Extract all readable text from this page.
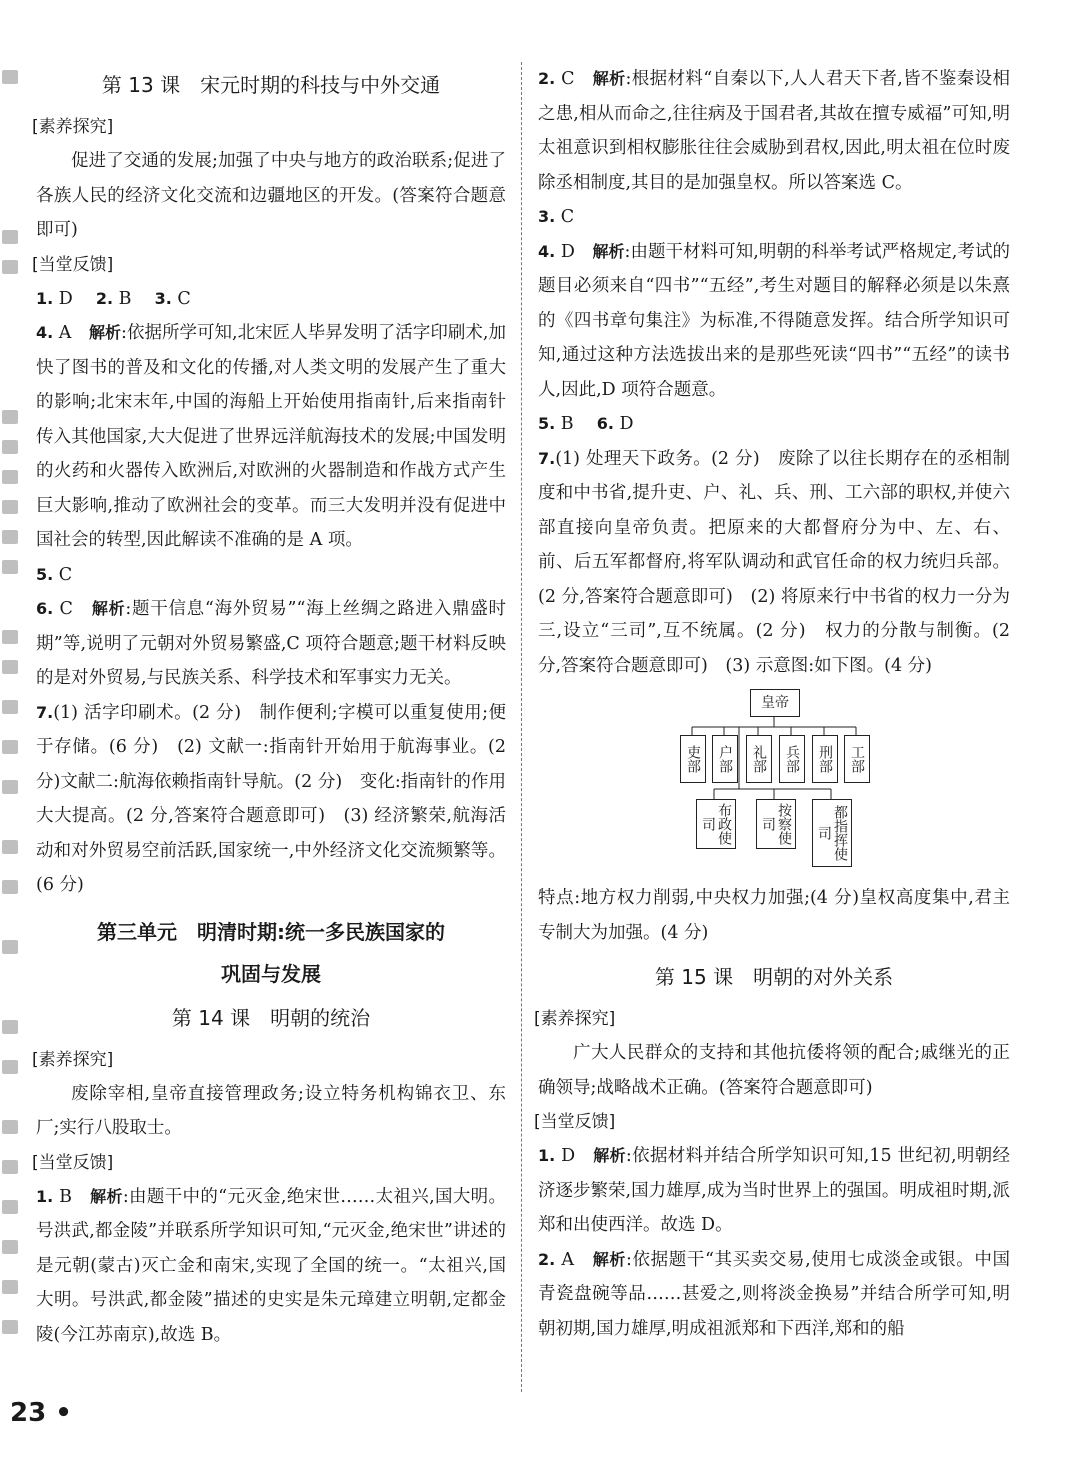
第 13 课　宋元时期的科技与中外交通
[素养探究]

促进了交通的发展;加强了中央与地方的政治联系;促进了各族人民的经济文化交流和边疆地区的开发。(答案符合题意即可)

[当堂反馈]

1. D　 2. B　 3. C

4. A　解析:依据所学可知,北宋匠人毕昇发明了活字印刷术,加快了图书的普及和文化的传播,对人类文明的发展产生了重大的影响;北宋末年,中国的海船上开始使用指南针,后来指南针传入其他国家,大大促进了世界远洋航海技术的发展;中国发明的火药和火器传入欧洲后,对欧洲的火器制造和作战方式产生巨大影响,推动了欧洲社会的变革。而三大发明并没有促进中国社会的转型,因此解读不准确的是 A 项。

5. C

6. C　解析:题干信息“海外贸易”“海上丝绸之路进入鼎盛时期”等,说明了元朝对外贸易繁盛,C 项符合题意;题干材料反映的是对外贸易,与民族关系、科学技术和军事实力无关。

7.(1) 活字印刷术。(2 分)　制作便利;字模可以重复使用;便于存储。(6 分)　(2) 文献一:指南针开始用于航海事业。(2 分)文献二:航海依赖指南针导航。(2 分)　变化:指南针的作用大大提高。(2 分,答案符合题意即可)　(3) 经济繁荣,航海活动和对外贸易空前活跃,国家统一,中外经济文化交流频繁等。(6 分)

第三单元　明清时期:统一多民族国家的
巩固与发展
第 14 课　明朝的统治
[素养探究]

废除宰相,皇帝直接管理政务;设立特务机构锦衣卫、东厂;实行八股取士。

[当堂反馈]

1. B　解析:由题干中的“元灭金,绝宋世……太祖兴,国大明。号洪武,都金陵”并联系所学知识可知,“元灭金,绝宋世”讲述的是元朝(蒙古)灭亡金和南宋,实现了全国的统一。“太祖兴,国大明。号洪武,都金陵”描述的史实是朱元璋建立明朝,定都金陵(今江苏南京),故选 B。

2. C　解析:根据材料“自秦以下,人人君天下者,皆不鉴秦设相之患,相从而命之,往往病及于国君者,其故在擅专威福”可知,明太祖意识到相权膨胀往往会威胁到君权,因此,明太祖在位时废除丞相制度,其目的是加强皇权。所以答案选 C。

3. C

4. D　解析:由题干材料可知,明朝的科举考试严格规定,考试的题目必须来自“四书”“五经”,考生对题目的解释必须是以朱熹的《四书章句集注》为标准,不得随意发挥。结合所学知识可知,通过这种方法选拔出来的是那些死读“四书”“五经”的读书人,因此,D 项符合题意。

5. B　 6. D

7.(1) 处理天下政务。(2 分)　废除了以往长期存在的丞相制度和中书省,提升吏、户、礼、兵、刑、工六部的职权,并使六部直接向皇帝负责。把原来的大都督府分为中、左、右、前、后五军都督府,将军队调动和武官任命的权力统归兵部。(2 分,答案符合题意即可)　(2) 将原来行中书省的权力一分为三,设立“三司”,互不统属。(2 分)　权力的分散与制衡。(2 分,答案符合题意即可)　(3) 示意图:如下图。(4 分)

皇帝
吏部	户部	礼部	兵部	刑部	工部
布政使司	按察使司	都指挥使司

特点:地方权力削弱,中央权力加强;(4 分)皇权高度集中,君主专制大为加强。(4 分)

第 15 课　明朝的对外关系
[素养探究]

广大人民群众的支持和其他抗倭将领的配合;戚继光的正确领导;战略战术正确。(答案符合题意即可)

[当堂反馈]

1. D　解析:依据材料并结合所学知识可知,15 世纪初,明朝经济逐步繁荣,国力雄厚,成为当时世界上的强国。明成祖时期,派郑和出使西洋。故选 D。

2. A　解析:依据题干“其买卖交易,使用七成淡金或银。中国青瓷盘碗等品……甚爱之,则将淡金换易”并结合所学可知,明朝初期,国力雄厚,明成祖派郑和下西洋,郑和的船

23 •
